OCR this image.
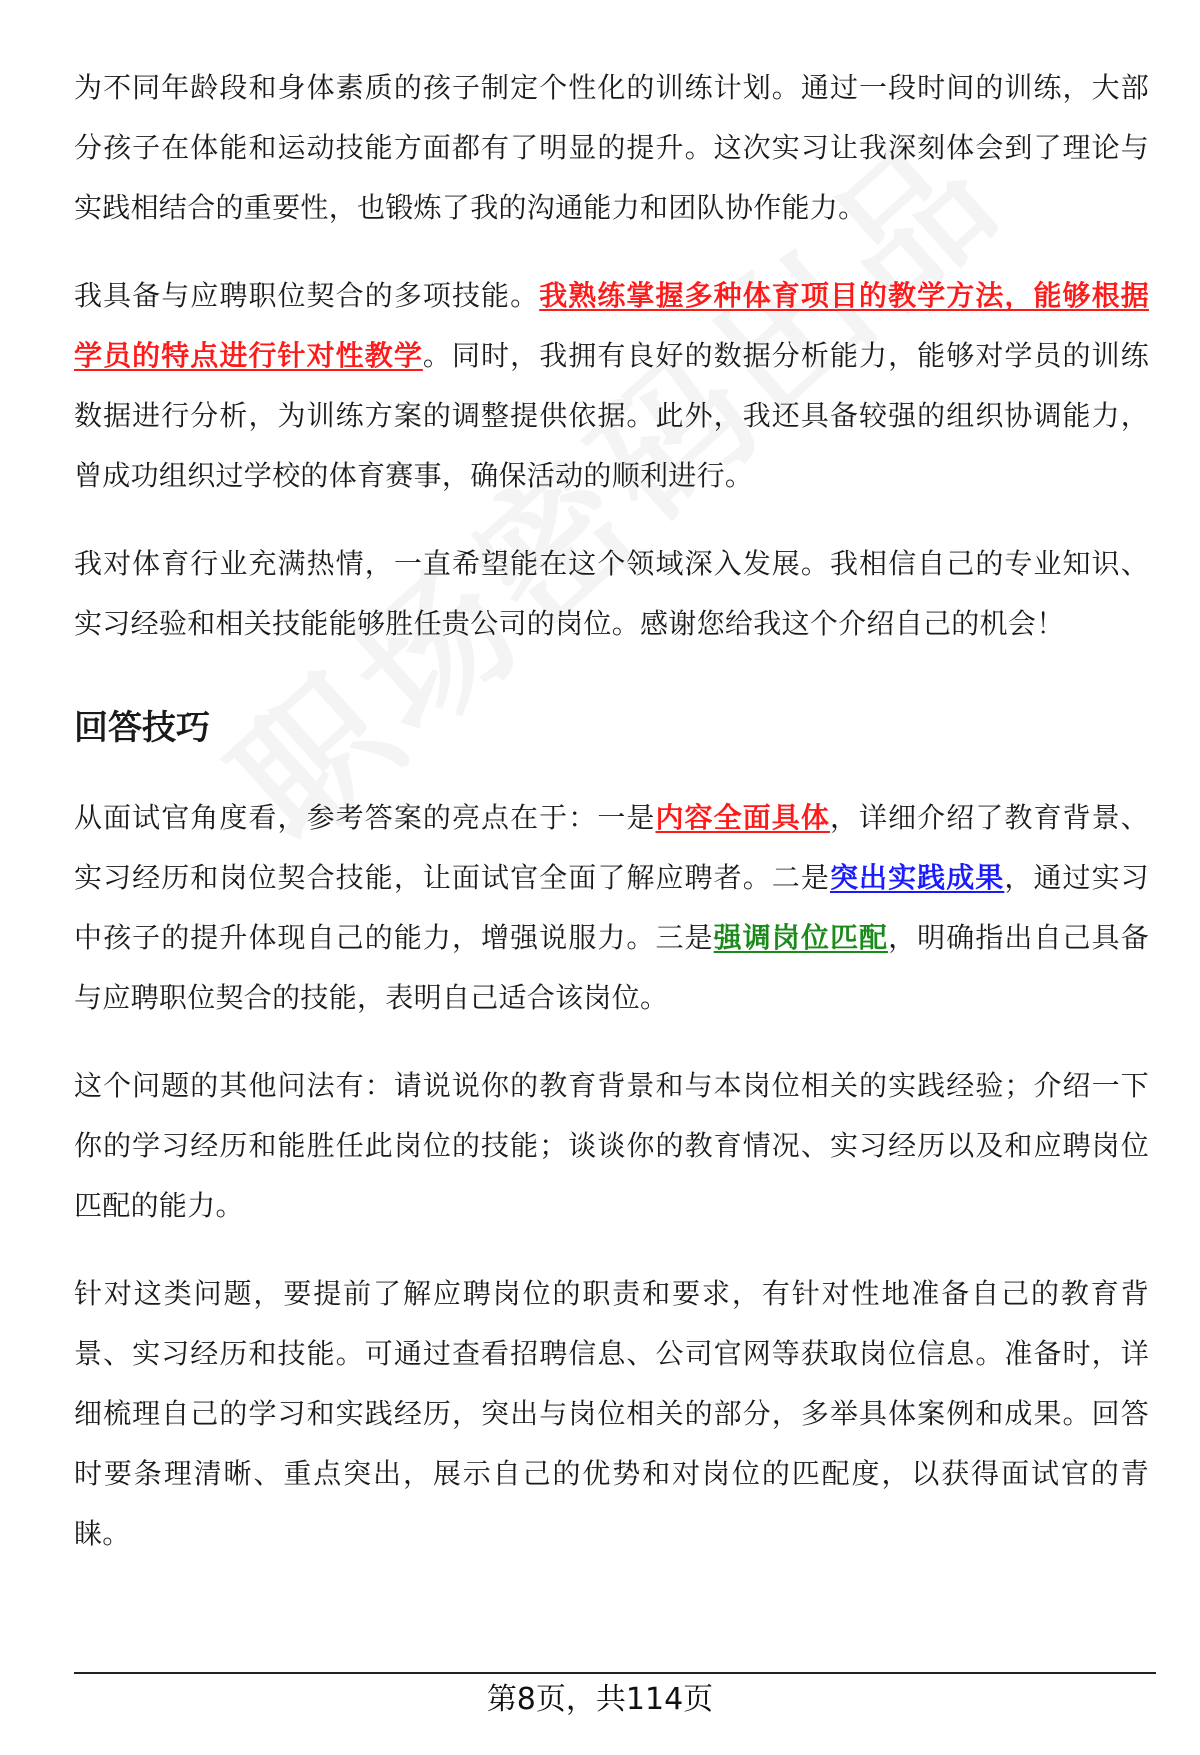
为不同年龄段和身体素质的孩子制定个性化的训练计划。通过一段时间的训练，大部分孩子在体能和运动技能方面都有了明显的提升。这次实习让我深刻体会到了理论与实践相结合的重要性，也锻炼了我的沟通能力和团队协作能力。

我具备与应聘职位契合的多项技能。我熟练掌握多种体育项目的教学方法，能够根据学员的特点进行针对性教学。同时，我拥有良好的数据分析能力，能够对学员的训练数据进行分析，为训练方案的调整提供依据。此外，我还具备较强的组织协调能力，曾成功组织过学校的体育赛事，确保活动的顺利进行。

我对体育行业充满热情，一直希望能在这个领域深入发展。我相信自己的专业知识、实习经验和相关技能能够胜任贵公司的岗位。感谢您给我这个介绍自己的机会！

回答技巧

从面试官角度看，参考答案的亮点在于：一是内容全面具体，详细介绍了教育背景、实习经历和岗位契合技能，让面试官全面了解应聘者。二是突出实践成果，通过实习中孩子的提升体现自己的能力，增强说服力。三是强调岗位匹配，明确指出自己具备与应聘职位契合的技能，表明自己适合该岗位。

这个问题的其他问法有：请说说你的教育背景和与本岗位相关的实践经验；介绍一下你的学习经历和能胜任此岗位的技能；谈谈你的教育情况、实习经历以及和应聘岗位匹配的能力。

针对这类问题，要提前了解应聘岗位的职责和要求，有针对性地准备自己的教育背景、实习经历和技能。可通过查看招聘信息、公司官网等获取岗位信息。准备时，详细梳理自己的学习和实践经历，突出与岗位相关的部分，多举具体案例和成果。回答时要条理清晰、重点突出，展示自己的优势和对岗位的匹配度，以获得面试官的青睐。

第8页，共114页
